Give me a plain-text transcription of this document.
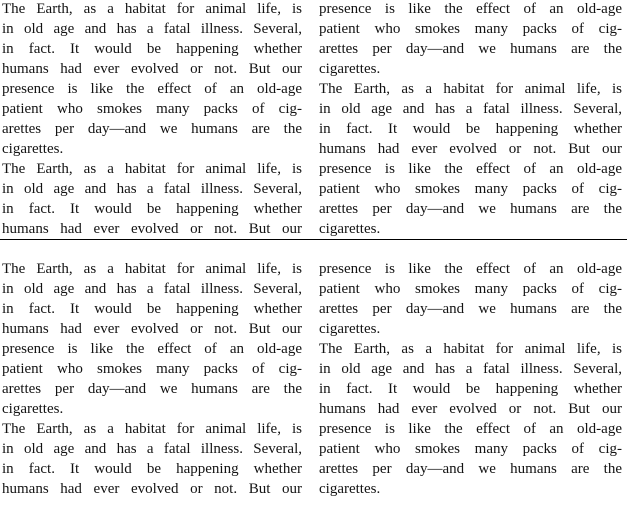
The Earth, as a habitat for animal life, is
in old age and has a fatal illness. Several,
in fact. It would be happening whether
humans had ever evolved or not. But our
presence is like the effect of an old-age
patient who smokes many packs of cig-
arettes per day—and we humans are the
cigarettes.
The Earth, as a habitat for animal life, is
in old age and has a fatal illness. Several,
in fact. It would be happening whether
humans had ever evolved or not. But our
presence is like the effect of an old-age
patient who smokes many packs of cig-
arettes per day—and we humans are the
cigarettes.
The Earth, as a habitat for animal life, is
in old age and has a fatal illness. Several,
in fact. It would be happening whether
humans had ever evolved or not. But our
presence is like the effect of an old-age
patient who smokes many packs of cig-
arettes per day—and we humans are the
cigarettes.
The Earth, as a habitat for animal life, is
in old age and has a fatal illness. Several,
in fact. It would be happening whether
humans had ever evolved or not. But our
presence is like the effect of an old-age
patient who smokes many packs of cig-
arettes per day—and we humans are the
cigarettes.
The Earth, as a habitat for animal life, is
in old age and has a fatal illness. Several,
in fact. It would be happening whether
humans had ever evolved or not. But our
presence is like the effect of an old-age
patient who smokes many packs of cig-
arettes per day—and we humans are the
cigarettes.
The Earth, as a habitat for animal life, is
in old age and has a fatal illness. Several,
in fact. It would be happening whether
humans had ever evolved or not. But our
presence is like the effect of an old-age
patient who smokes many packs of cig-
arettes per day—and we humans are the
cigarettes.
